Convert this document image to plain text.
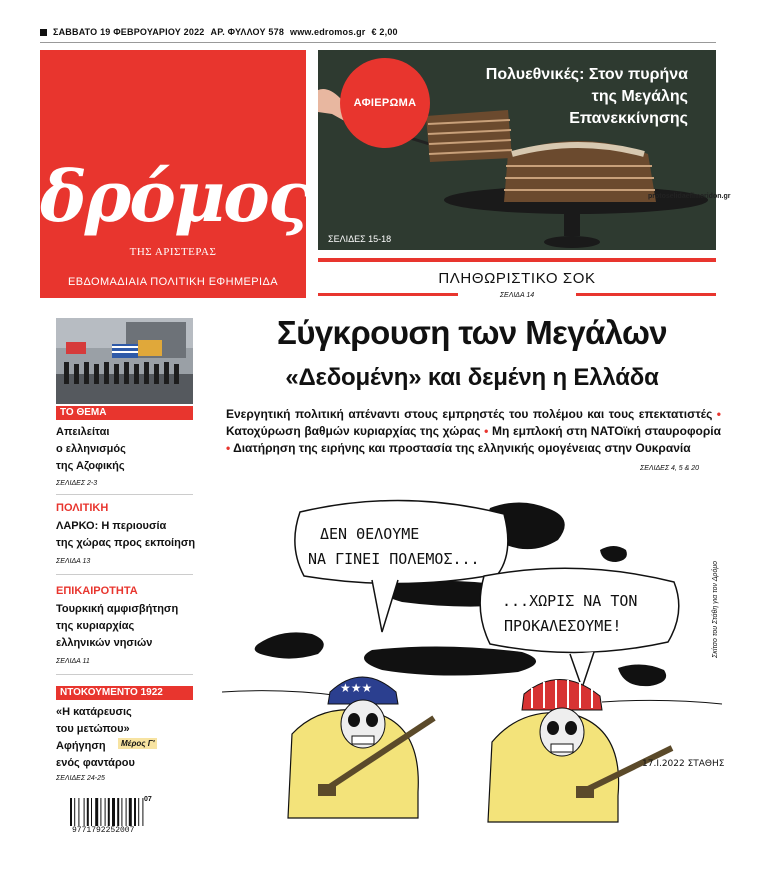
ΣΑΒΒΑΤΟ 19 ΦΕΒΡΟΥΑΡΙΟΥ 2022 ΑΡ. ΦΥΛΛΟΥ 578 www.edromos.gr € 2,00
δρόμος
ΤΗΣ ΑΡΙΣΤΕΡΑΣ
ΕΒΔΟΜΑΔΙΑΙΑ ΠΟΛΙΤΙΚΗ ΕΦΗΜΕΡΙΔΑ
ΑΦΙΕΡΩΜΑ
Πολυεθνικές: Στον πυρήνα
της Μεγάλης
Επανεκκίνησης
ΣΕΛΙΔΕΣ 15-18
protoselidaefimeridon.gr
ΠΛΗΘΩΡΙΣΤΙΚΟ ΣΟΚ
ΣΕΛΙΔΑ 14
ΤΟ ΘΕΜΑ
Απειλείται
ο ελληνισμός
της Αζοφικής
ΣΕΛΙΔΕΣ 2-3
ΠΟΛΙΤΙΚΗ
ΛΑΡΚΟ: Η περιουσία
της χώρας προς εκποίηση
ΣΕΛΙΔΑ 13
ΕΠΙΚΑΙΡΟΤΗΤΑ
Τουρκική αμφισβήτηση
της κυριαρχίας
ελληνικών νησιών
ΣΕΛΙΔΑ 11
ΝΤΟΚΟΥΜΕΝΤΟ 1922
«Η κατάρευσις
του μετώπου»
Αφήγηση
ενός φαντάρου
Μέρος Γ'
ΣΕΛΙΔΕΣ 24-25
9771792252007
07
Σύγκρουση των Μεγάλων
«Δεδομένη» και δεμένη η Ελλάδα
Ενεργητική πολιτική απέναντι στους εμπρηστές του πολέμου και τους επεκτατιστές • Κατοχύρωση βαθμών κυριαρχίας της χώρας • Μη εμπλοκή στη ΝΑΤΟϊκή σταυροφορία • Διατήρηση της ειρήνης και προστασία της ελληνικής ομογένειας στην Ουκρανία
ΣΕΛΙΔΕΣ 4, 5 & 20
ΔΕΝ ΘΕΛΟΥΜΕ
ΝΑ ΓΙΝΕΙ ΠΟΛΕΜΟΣ...
...ΧΩΡΙΣ ΝΑ ΤΟΝ
ΠΡΟΚΑΛΕΣΟΥΜΕ!
★★★
17.Ι.2022 ΣΤΑΘΗΣ
Σκίτσο του Στάθη για τον Δρόμο
